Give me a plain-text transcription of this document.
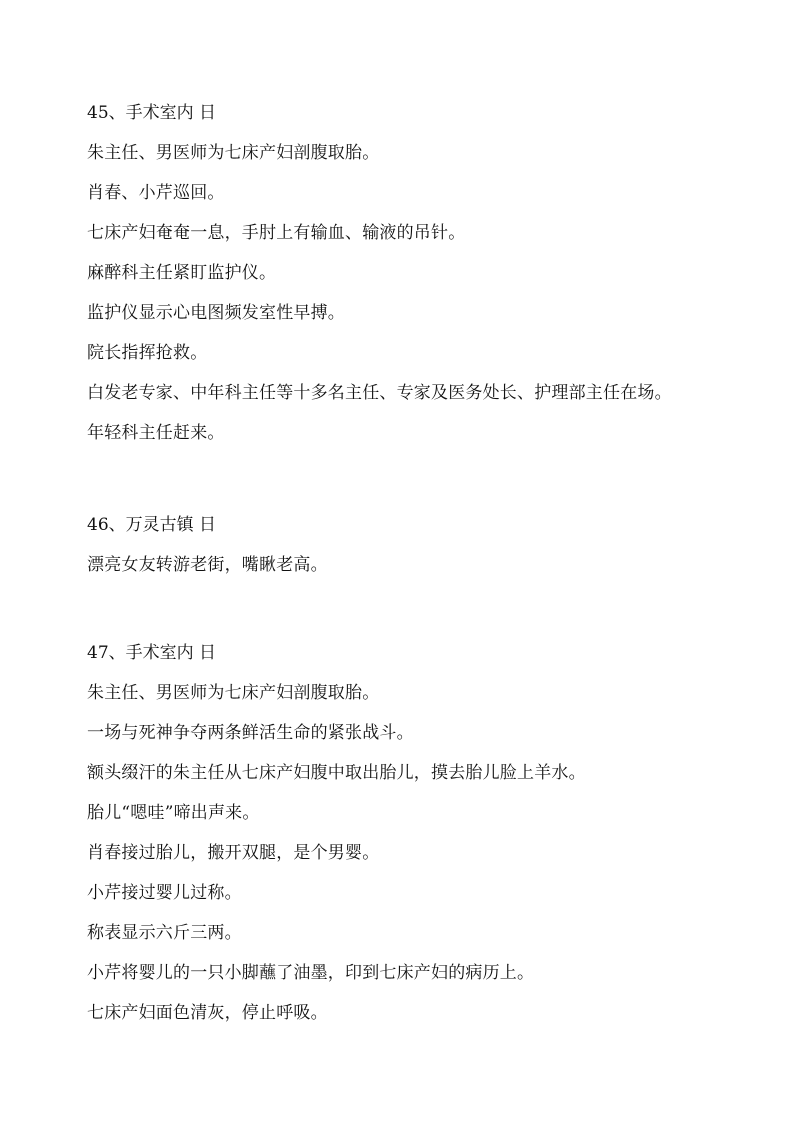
45、手术室内 日
朱主任、男医师为七床产妇剖腹取胎。
肖春、小芹巡回。
七床产妇奄奄一息，手肘上有输血、输液的吊针。
麻醉科主任紧盯监护仪。
监护仪显示心电图频发室性早搏。
院长指挥抢救。
白发老专家、中年科主任等十多名主任、专家及医务处长、护理部主任在场。
年轻科主任赶来。
46、万灵古镇 日
漂亮女友转游老街，嘴瞅老高。
47、手术室内 日
朱主任、男医师为七床产妇剖腹取胎。
一场与死神争夺两条鲜活生命的紧张战斗。
额头缀汗的朱主任从七床产妇腹中取出胎儿，摸去胎儿脸上羊水。
胎儿“嗯哇”啼出声来。
肖春接过胎儿，搬开双腿，是个男婴。
小芹接过婴儿过称。
称表显示六斤三两。
小芹将婴儿的一只小脚蘸了油墨，印到七床产妇的病历上。
七床产妇面色清灰，停止呼吸。
